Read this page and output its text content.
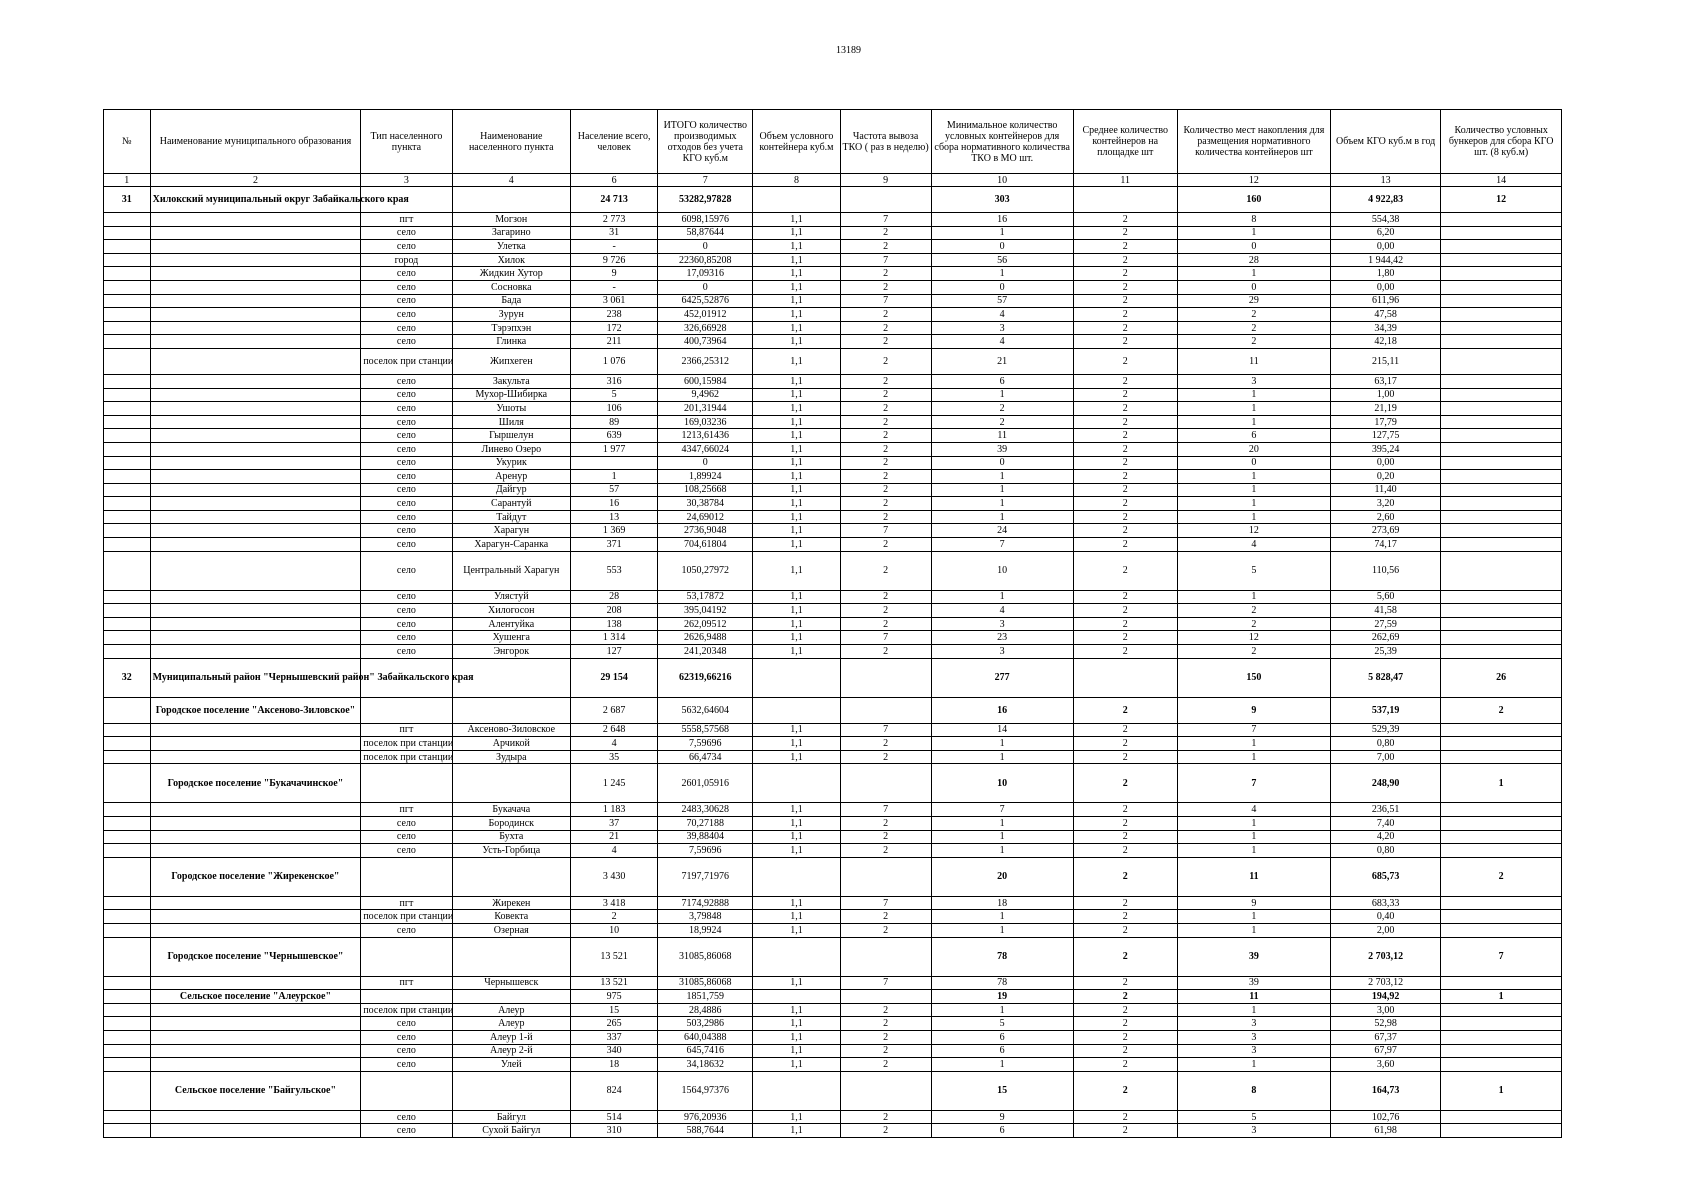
13189
№	Наименование муниципального образования	Тип населенного пункта	Наименование населенного пункта	Население всего, человек	ИТОГО количество производимых отходов без учета КГО куб.м	Объем условного контейнера куб.м	Частота вывоза ТКО ( раз в неделю)	Минимальное количество условных контейнеров для сбора нормативного количества ТКО в МО шт.	Среднее количество контейнеров на площадке шт	Количество мест накопления для размещения нормативного количества контейнеров шт	Объем КГО куб.м в год	Количество условных бункеров для сбора КГО шт. (8 куб.м)
1	2	3	4	6	7	8	9	10	11	12	13	14
31	Хилокский муниципальный округ Забайкальского края			24 713	53282,97828			303		160	4 922,83	12
		пгт	Могзон	2 773	6098,15976	1,1	7	16	2	8	554,38	
		село	Загарино	31	58,87644	1,1	2	1	2	1	6,20	
		село	Улетка	-	0	1,1	2	0	2	0	0,00	
		город	Хилок	9 726	22360,85208	1,1	7	56	2	28	1 944,42	
		село	Жидкин Хутор	9	17,09316	1,1	2	1	2	1	1,80	
		село	Сосновка	-	0	1,1	2	0	2	0	0,00	
		село	Бада	3 061	6425,52876	1,1	7	57	2	29	611,96	
		село	Зурун	238	452,01912	1,1	2	4	2	2	47,58	
		село	Тэрэпхэн	172	326,66928	1,1	2	3	2	2	34,39	
		село	Глинка	211	400,73964	1,1	2	4	2	2	42,18	
		поселок при станции	Жипхеген	1 076	2366,25312	1,1	2	21	2	11	215,11	
		село	Закульта	316	600,15984	1,1	2	6	2	3	63,17	
		село	Мухор-Шибирка	5	9,4962	1,1	2	1	2	1	1,00	
		село	Ушоты	106	201,31944	1,1	2	2	2	1	21,19	
		село	Шиля	89	169,03236	1,1	2	2	2	1	17,79	
		село	Гыршелун	639	1213,61436	1,1	2	11	2	6	127,75	
		село	Линево Озеро	1 977	4347,66024	1,1	2	39	2	20	395,24	
		село	Укурик		0	1,1	2	0	2	0	0,00	
		село	Аренур	1	1,89924	1,1	2	1	2	1	0,20	
		село	Дайгур	57	108,25668	1,1	2	1	2	1	11,40	
		село	Сарантуй	16	30,38784	1,1	2	1	2	1	3,20	
		село	Тайдут	13	24,69012	1,1	2	1	2	1	2,60	
		село	Харагун	1 369	2736,9048	1,1	7	24	2	12	273,69	
		село	Харагун-Саранка	371	704,61804	1,1	2	7	2	4	74,17	
		село	Центральный Харагун	553	1050,27972	1,1	2	10	2	5	110,56	
		село	Улястуй	28	53,17872	1,1	2	1	2	1	5,60	
		село	Хилогосон	208	395,04192	1,1	2	4	2	2	41,58	
		село	Алентуйка	138	262,09512	1,1	2	3	2	2	27,59	
		село	Хушенга	1 314	2626,9488	1,1	7	23	2	12	262,69	
		село	Энгорок	127	241,20348	1,1	2	3	2	2	25,39	
32	Муниципальный район "Чернышевский район" Забайкальского края			29 154	62319,66216			277		150	5 828,47	26
	Городское поселение "Аксеново-Зиловское"			2 687	5632,64604			16	2	9	537,19	2
		пгт	Аксеново-Зиловское	2 648	5558,57568	1,1	7	14	2	7	529,39	
		поселок при станции	Арчикой	4	7,59696	1,1	2	1	2	1	0,80	
		поселок при станции	Зудыра	35	66,4734	1,1	2	1	2	1	7,00	
	Городское поселение "Букачачинское"			1 245	2601,05916			10	2	7	248,90	1
		пгт	Букачача	1 183	2483,30628	1,1	7	7	2	4	236,51	
		село	Бородинск	37	70,27188	1,1	2	1	2	1	7,40	
		село	Бухта	21	39,88404	1,1	2	1	2	1	4,20	
		село	Усть-Горбица	4	7,59696	1,1	2	1	2	1	0,80	
	Городское поселение "Жирекенское"			3 430	7197,71976			20	2	11	685,73	2
		пгт	Жирекен	3 418	7174,92888	1,1	7	18	2	9	683,33	
		поселок при станции	Ковекта	2	3,79848	1,1	2	1	2	1	0,40	
		село	Озерная	10	18,9924	1,1	2	1	2	1	2,00	
	Городское поселение "Чернышевское"			13 521	31085,86068			78	2	39	2 703,12	7
		пгт	Чернышевск	13 521	31085,86068	1,1	7	78	2	39	2 703,12	
	Сельское поселение "Алеурское"			975	1851,759			19	2	11	194,92	1
		поселок при станции	Алеур	15	28,4886	1,1	2	1	2	1	3,00	
		село	Алеур	265	503,2986	1,1	2	5	2	3	52,98	
		село	Алеур 1-й	337	640,04388	1,1	2	6	2	3	67,37	
		село	Алеур 2-й	340	645,7416	1,1	2	6	2	3	67,97	
		село	Улей	18	34,18632	1,1	2	1	2	1	3,60	
	Сельское поселение "Байгульское"			824	1564,97376			15	2	8	164,73	1
		село	Байгул	514	976,20936	1,1	2	9	2	5	102,76	
		село	Сухой Байгул	310	588,7644	1,1	2	6	2	3	61,98	
